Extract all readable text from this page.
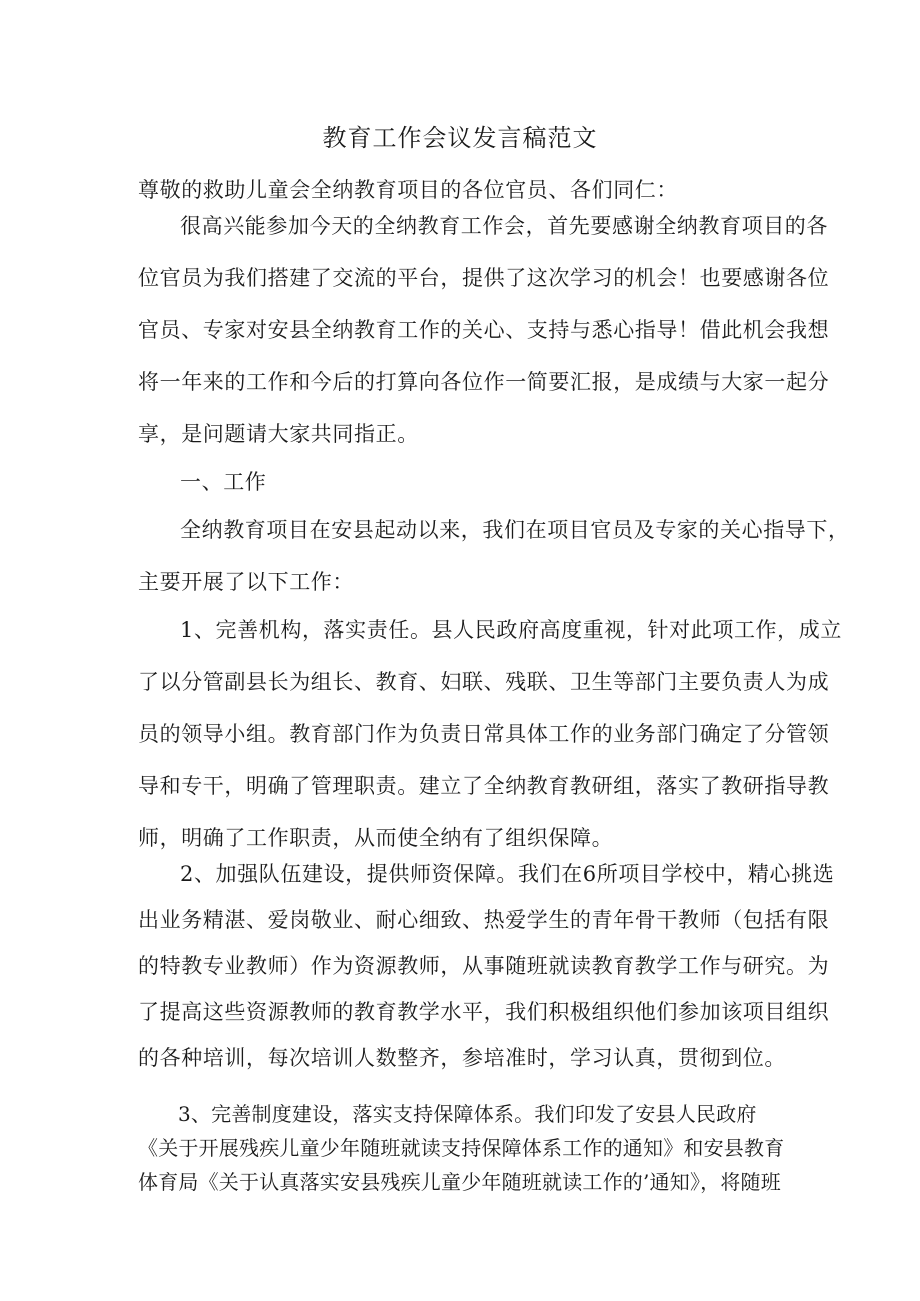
教育工作会议发言稿范文
尊敬的救助儿童会全纳教育项目的各位官员、各们同仁：
很高兴能参加今天的全纳教育工作会，首先要感谢全纳教育项目的各
位官员为我们搭建了交流的平台，提供了这次学习的机会！也要感谢各位
官员、专家对安县全纳教育工作的关心、支持与悉心指导！借此机会我想
将一年来的工作和今后的打算向各位作一简要汇报，是成绩与大家一起分
享，是问题请大家共同指正。
一、工作
全纳教育项目在安县起动以来，我们在项目官员及专家的关心指导下，
主要开展了以下工作：
1、完善机构，落实责任。县人民政府高度重视，针对此项工作，成立
了以分管副县长为组长、教育、妇联、残联、卫生等部门主要负责人为成
员的领导小组。教育部门作为负责日常具体工作的业务部门确定了分管领
导和专干，明确了管理职责。建立了全纳教育教研组，落实了教研指导教
师，明确了工作职责，从而使全纳有了组织保障。
2、加强队伍建设，提供师资保障。我们在6所项目学校中，精心挑选
出业务精湛、爱岗敬业、耐心细致、热爱学生的青年骨干教师（包括有限
的特教专业教师）作为资源教师，从事随班就读教育教学工作与研究。为
了提高这些资源教师的教育教学水平，我们积极组织他们参加该项目组织
的各种培训，每次培训人数整齐，参培准时，学习认真，贯彻到位。
3、完善制度建设，落实支持保障体系。我们印发了安县人民政府
《关于开展残疾儿童少年随班就读支持保障体系工作的通知》和安县教育
体育局《关于认真落实安县残疾儿童少年随班就读工作的’通知》，将随班
